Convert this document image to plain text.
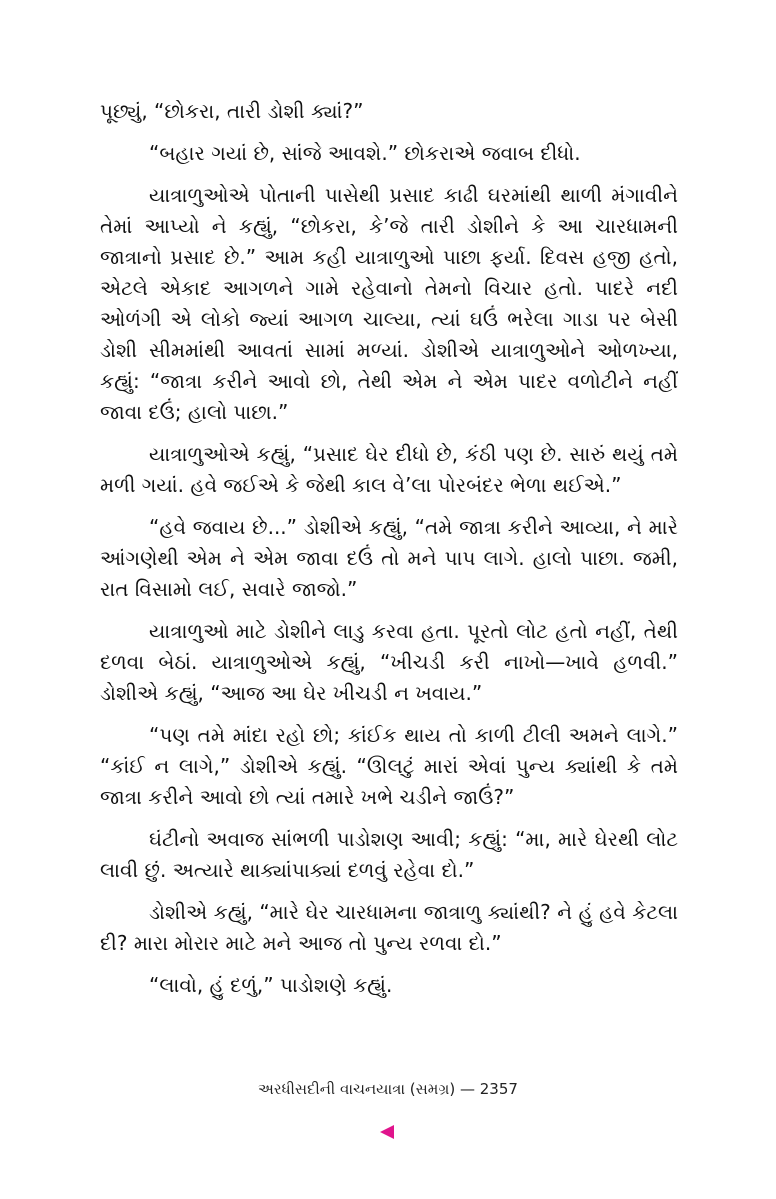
પૂછ્યું, “છોકરા, તારી ડોશી ક્યાં?”

“બહાર ગયાં છે, સાંજે આવશે.” છોકરાએ જવાબ દીધો.

યાત્રાળુઓએ પોતાની પાસેથી પ્રસાદ કાઢી ઘરમાંથી થાળી મંગાવીને તેમાં આપ્યો ને કહ્યું, “છોકરા, કે’જે તારી ડોશીને કે આ ચારધામની જાત્રાનો પ્રસાદ છે.” આમ કહી યાત્રાળુઓ પાછા ફર્યા. દિવસ હજી હતો, એટલે એકાદ આગળને ગામે રહેવાનો તેમનો વિચાર હતો. પાદરે નદી ઓળંગી એ લોકો જ્યાં આગળ ચાલ્યા, ત્યાં ઘઉં ભરેલા ગાડા પર બેસી ડોશી સીમમાંથી આવતાં સામાં મળ્યાં. ડોશીએ યાત્રાળુઓને ઓળખ્યા, કહ્યું: “જાત્રા કરીને આવો છો, તેથી એમ ને એમ પાદર વળોટીને નહીં જાવા દઉં; હાલો પાછા.”

યાત્રાળુઓએ કહ્યું, “પ્રસાદ ઘેર દીધો છે, કંઠી પણ છે. સારું થયું તમે મળી ગયાં. હવે જઈએ કે જેથી કાલ વે’લા પોરબંદર ભેળા થઈએ.”

“હવે જવાય છે...” ડોશીએ કહ્યું, “તમે જાત્રા કરીને આવ્યા, ને મારે આંગણેથી એમ ને એમ જાવા દઉં તો મને પાપ લાગે. હાલો પાછા. જમી, રાત વિસામો લઈ, સવારે જાજો.”

યાત્રાળુઓ માટે ડોશીને લાડુ કરવા હતા. પૂરતો લોટ હતો નહીં, તેથી દળવા બેઠાં. યાત્રાળુઓએ કહ્યું, “ખીચડી કરી નાખો—ખાવે હળવી.” ડોશીએ કહ્યું, “આજ આ ઘેર ખીચડી ન ખવાય.”

“પણ તમે માંદા રહો છો; કાંઈક થાય તો કાળી ટીલી અમને લાગે.” “કાંઈ ન લાગે,” ડોશીએ કહ્યું. “ઊલટું મારાં એવાં પુન્ય ક્યાંથી કે તમે જાત્રા કરીને આવો છો ત્યાં તમારે ખભે ચડીને જાઉં?”

ઘંટીનો અવાજ સાંભળી પાડોશણ આવી; કહ્યું: “મા, મારે ઘેરથી લોટ લાવી છું. અત્યારે થાક્યાંપાક્યાં દળવું રહેવા દો.”

ડોશીએ કહ્યું, “મારે ઘેર ચારધામના જાત્રાળુ ક્યાંથી? ને હું હવે કેટલા દી? મારા મોરાર માટે મને આજ તો પુન્ય રળવા દો.”

“લાવો, હું દળું,” પાડોશણે કહ્યું.

અરધીસદીની વાચનયાત્રા (સમગ્ર) — 2357
